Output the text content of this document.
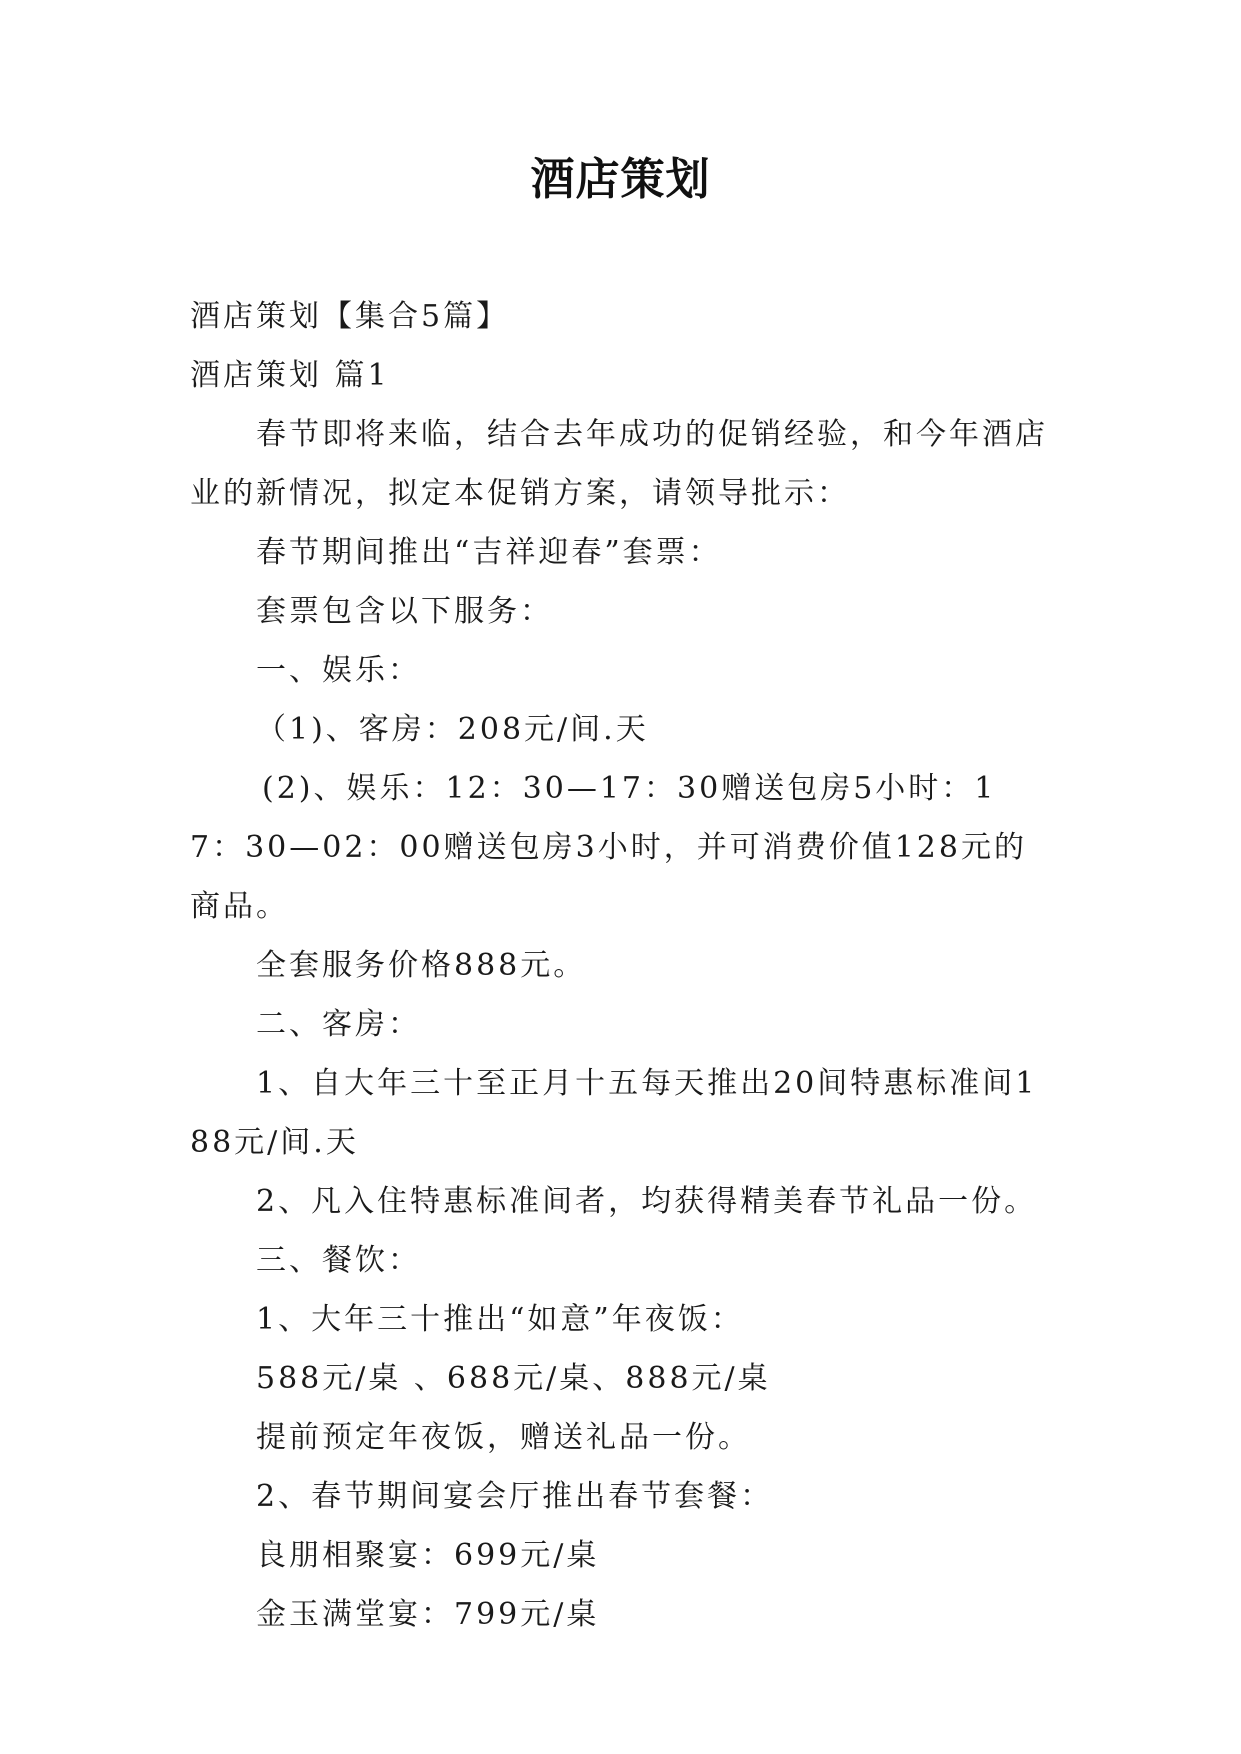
酒店策划

酒店策划【集合5篇】

酒店策划 篇1

春节即将来临，结合去年成功的促销经验，和今年酒店业的新情况，拟定本促销方案，请领导批示：

春节期间推出“吉祥迎春”套票：

套票包含以下服务：

一、娱乐：

（1)、客房：208元/间.天

(2)、娱乐：12：30—17：30赠送包房5小时：17：30—02：00赠送包房3小时，并可消费价值128元的商品。

全套服务价格888元。

二、客房：

1、自大年三十至正月十五每天推出20间特惠标准间188元/间.天

2、凡入住特惠标准间者，均获得精美春节礼品一份。

三、餐饮：

1、大年三十推出“如意”年夜饭：

588元/桌 、688元/桌、888元/桌

提前预定年夜饭，赠送礼品一份。

2、春节期间宴会厅推出春节套餐：

良朋相聚宴：699元/桌

金玉满堂宴：799元/桌
